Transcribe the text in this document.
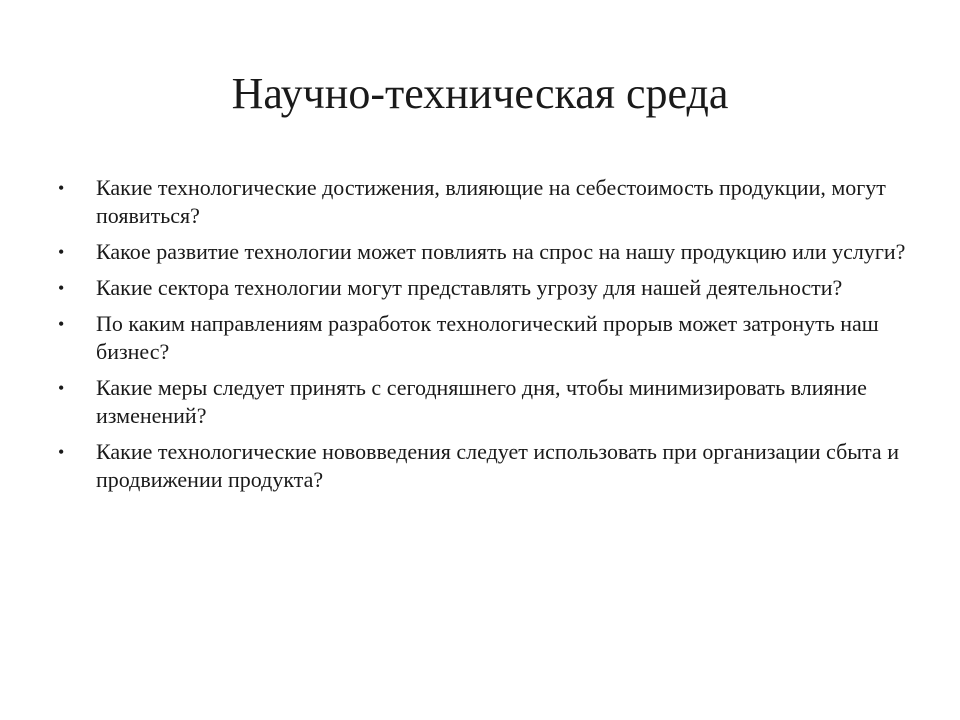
Научно-техническая среда
• Какие технологические достижения, влияющие на себестоимость продукции, могут появиться?
• Какое развитие технологии может повлиять на спрос на нашу продукцию или услуги?
• Какие сектора технологии могут представлять угрозу для нашей деятельности?
• По каким направлениям разработок технологический прорыв может затронуть наш бизнес?
• Какие меры следует принять с сегодняшнего дня, чтобы минимизировать влияние изменений?
• Какие технологические нововведения следует использовать при организации сбыта и продвижении продукта?
